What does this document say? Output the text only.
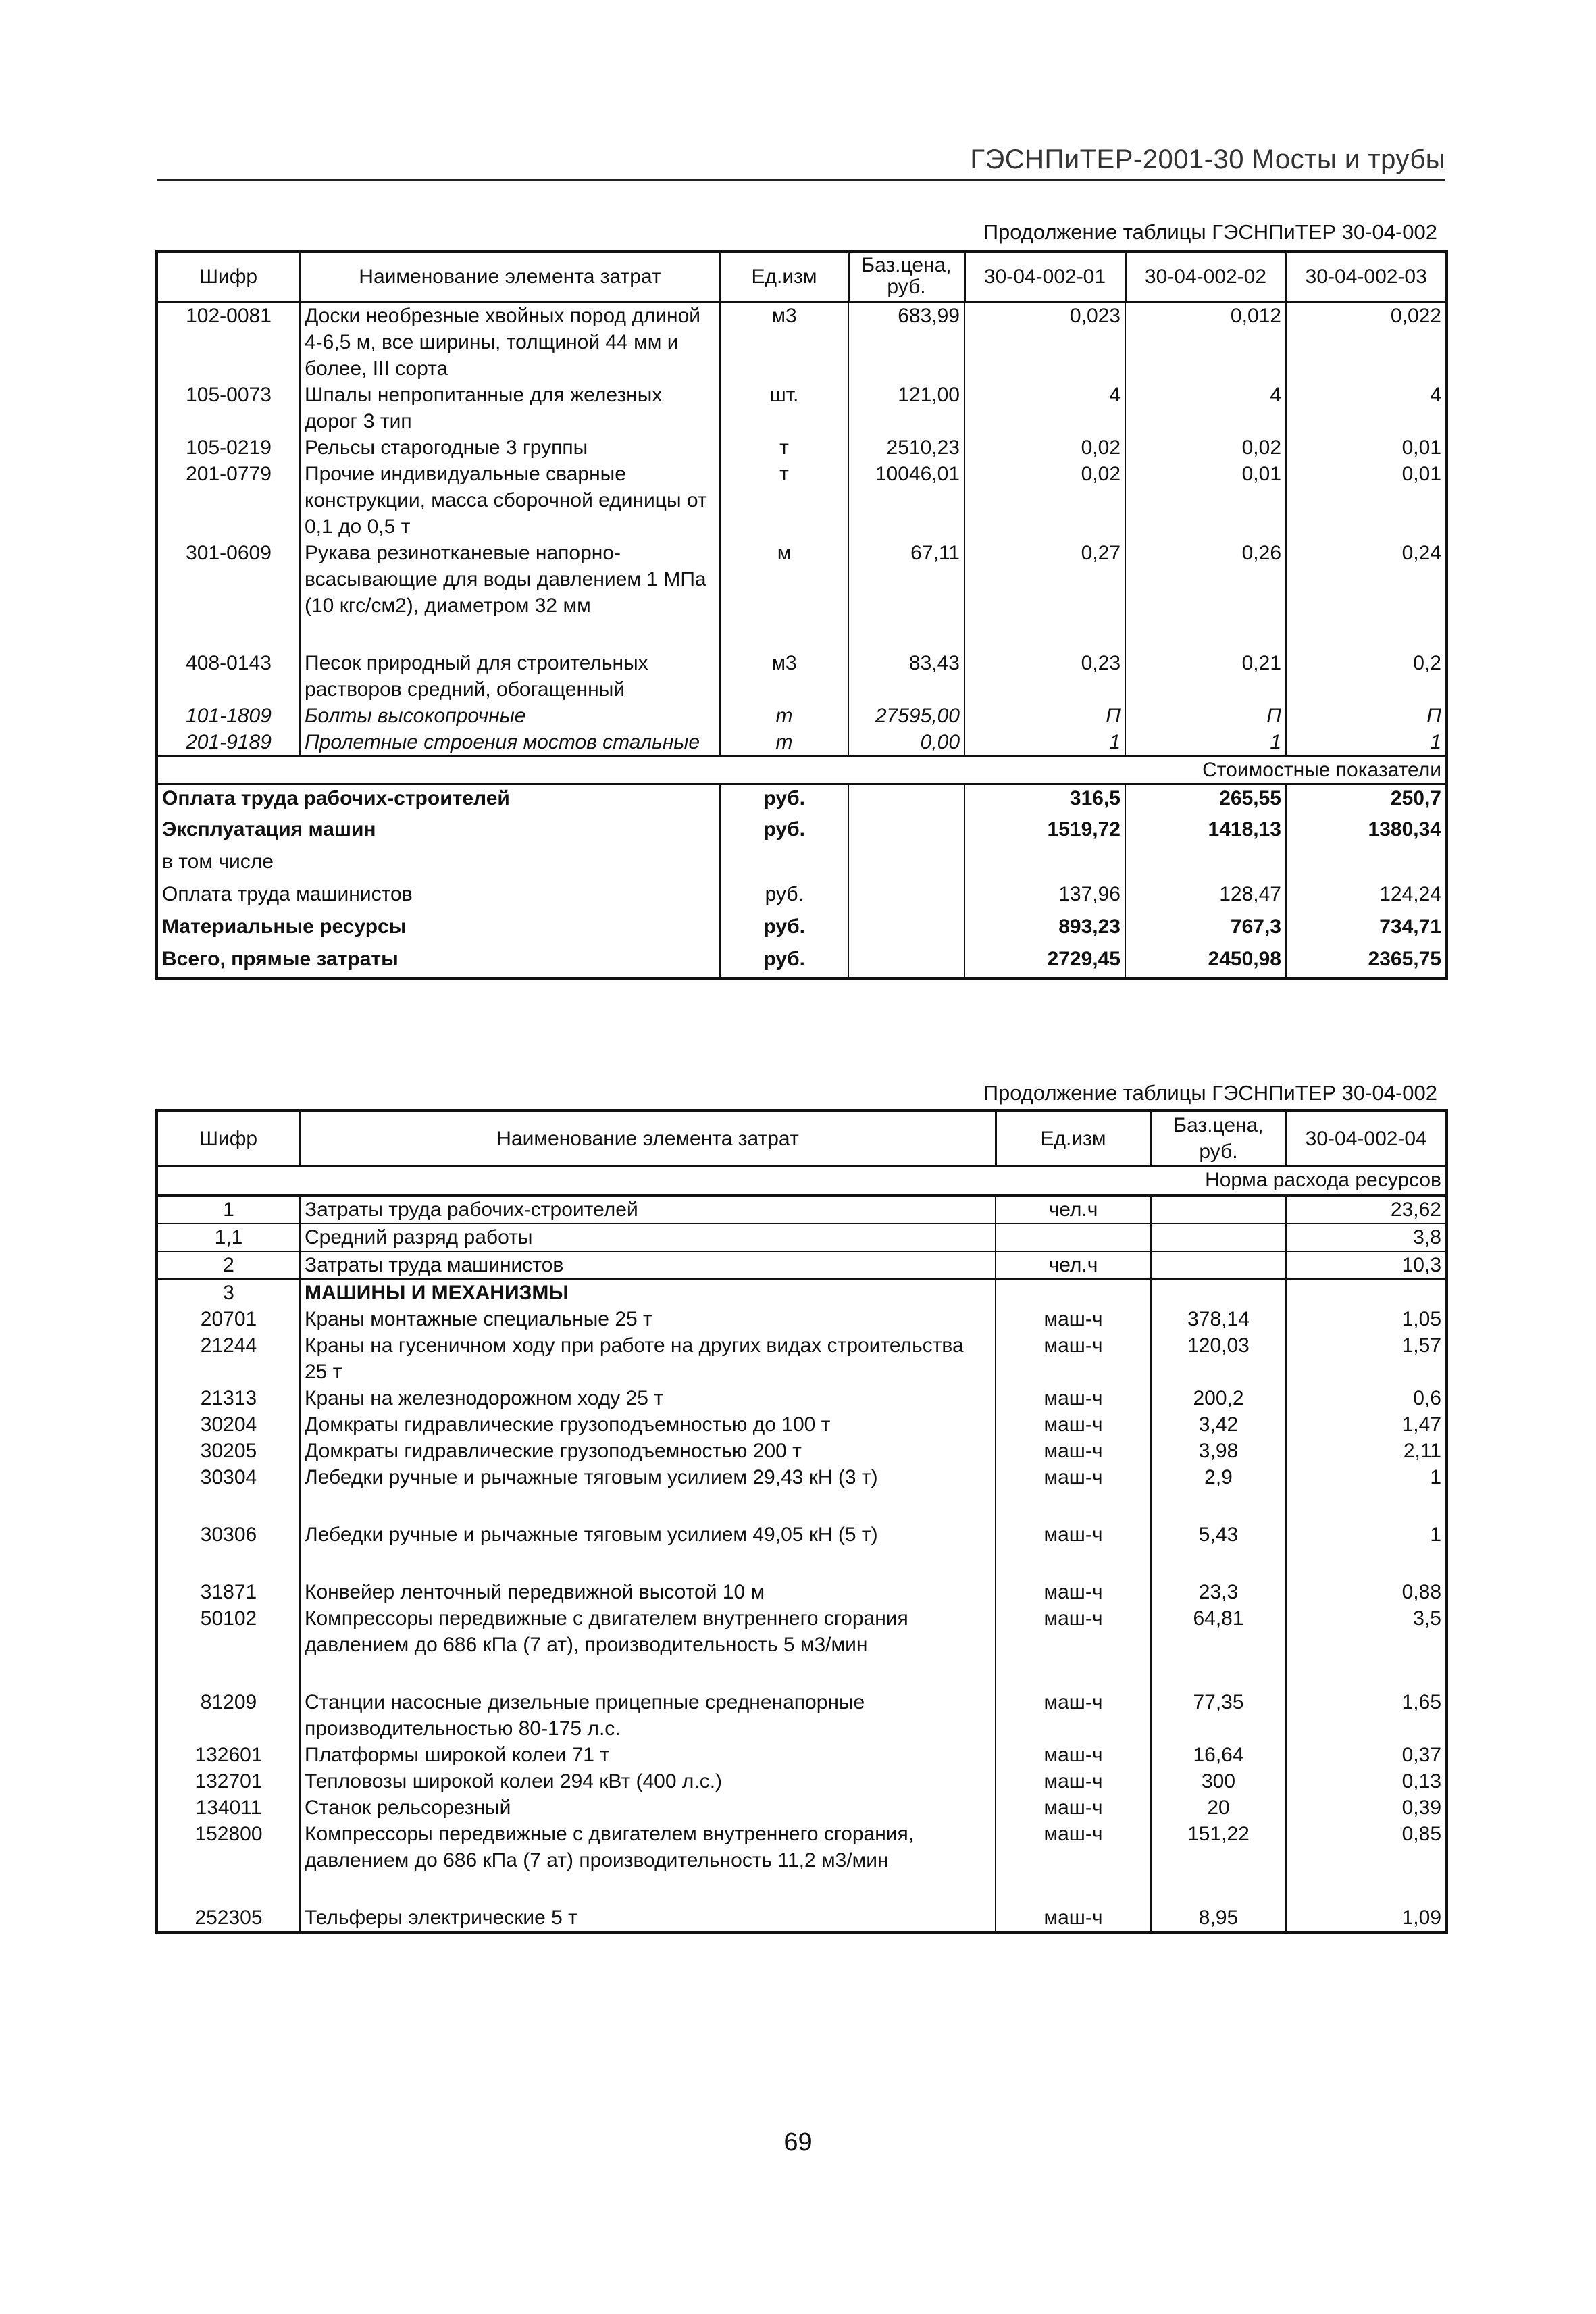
ГЭСНПиТЕР-2001-30 Мосты и трубы
Продолжение таблицы ГЭСНПиТЕР 30-04-002
Шифр	Наименование элемента затрат	Ед.изм	Баз.цена, руб.	30-04-002-01	30-04-002-02	30-04-002-03
102-0081	Доски необрезные хвойных пород длиной 4-6,5 м, все ширины, толщиной 44 мм и более, III сорта	м3	683,99	0,023	0,012	0,022
105-0073	Шпалы непропитанные для железных дорог 3 тип	шт.	121,00	4	4	4
105-0219	Рельсы старогодные 3 группы	т	2510,23	0,02	0,02	0,01
201-0779	Прочие индивидуальные сварные конструкции, масса сборочной единицы от 0,1 до 0,5 т	т	10046,01	0,02	0,01	0,01
301-0609	Рукава резинотканевые напорно-всасывающие для воды давлением 1 МПа (10 кгс/см2), диаметром 32 мм	м	67,11	0,27	0,26	0,24
408-0143	Песок природный для строительных растворов средний, обогащенный	м3	83,43	0,23	0,21	0,2
101-1809	Болты высокопрочные	т	27595,00	П	П	П
201-9189	Пролетные строения мостов стальные	т	0,00	1	1	1
				Стоимостные показатели		
Оплата труда рабочих-строителей		руб.		316,5	265,55	250,7
Эксплуатация машин		руб.		1519,72	1418,13	1380,34
в том числе						
Оплата труда машинистов		руб.		137,96	128,47	124,24
Материальные ресурсы		руб.		893,23	767,3	734,71
Всего, прямые затраты		руб.		2729,45	2450,98	2365,75
Продолжение таблицы ГЭСНПиТЕР 30-04-002
Шифр	Наименование элемента затрат	Ед.изм	Баз.цена, руб.	30-04-002-04
			Норма расхода ресурсов	
1	Затраты труда рабочих-строителей	чел.ч		23,62
1,1	Средний разряд работы			3,8
2	Затраты труда машинистов	чел.ч		10,3
3	МАШИНЫ И МЕХАНИЗМЫ			
20701	Краны монтажные специальные 25 т	маш-ч	378,14	1,05
21244	Краны на гусеничном ходу при работе на других видах строительства 25 т	маш-ч	120,03	1,57
21313	Краны на железнодорожном ходу 25 т	маш-ч	200,2	0,6
30204	Домкраты гидравлические грузоподъемностью до 100 т	маш-ч	3,42	1,47
30205	Домкраты гидравлические грузоподъемностью 200 т	маш-ч	3,98	2,11
30304	Лебедки ручные и рычажные тяговым усилием 29,43 кН (3 т)	маш-ч	2,9	1
30306	Лебедки ручные и рычажные тяговым усилием 49,05 кН (5 т)	маш-ч	5,43	1
31871	Конвейер ленточный передвижной высотой 10 м	маш-ч	23,3	0,88
50102	Компрессоры передвижные с двигателем внутреннего сгорания давлением до 686 кПа (7 ат), производительность 5 м3/мин	маш-ч	64,81	3,5
81209	Станции насосные дизельные прицепные средненапорные производительностью 80-175 л.с.	маш-ч	77,35	1,65
132601	Платформы широкой колеи 71 т	маш-ч	16,64	0,37
132701	Тепловозы широкой колеи 294 кВт (400 л.с.)	маш-ч	300	0,13
134011	Станок рельсорезный	маш-ч	20	0,39
152800	Компрессоры передвижные с двигателем внутреннего сгорания, давлением до 686 кПа (7 ат) производительность 11,2 м3/мин	маш-ч	151,22	0,85
252305	Тельферы электрические 5 т	маш-ч	8,95	1,09
69
